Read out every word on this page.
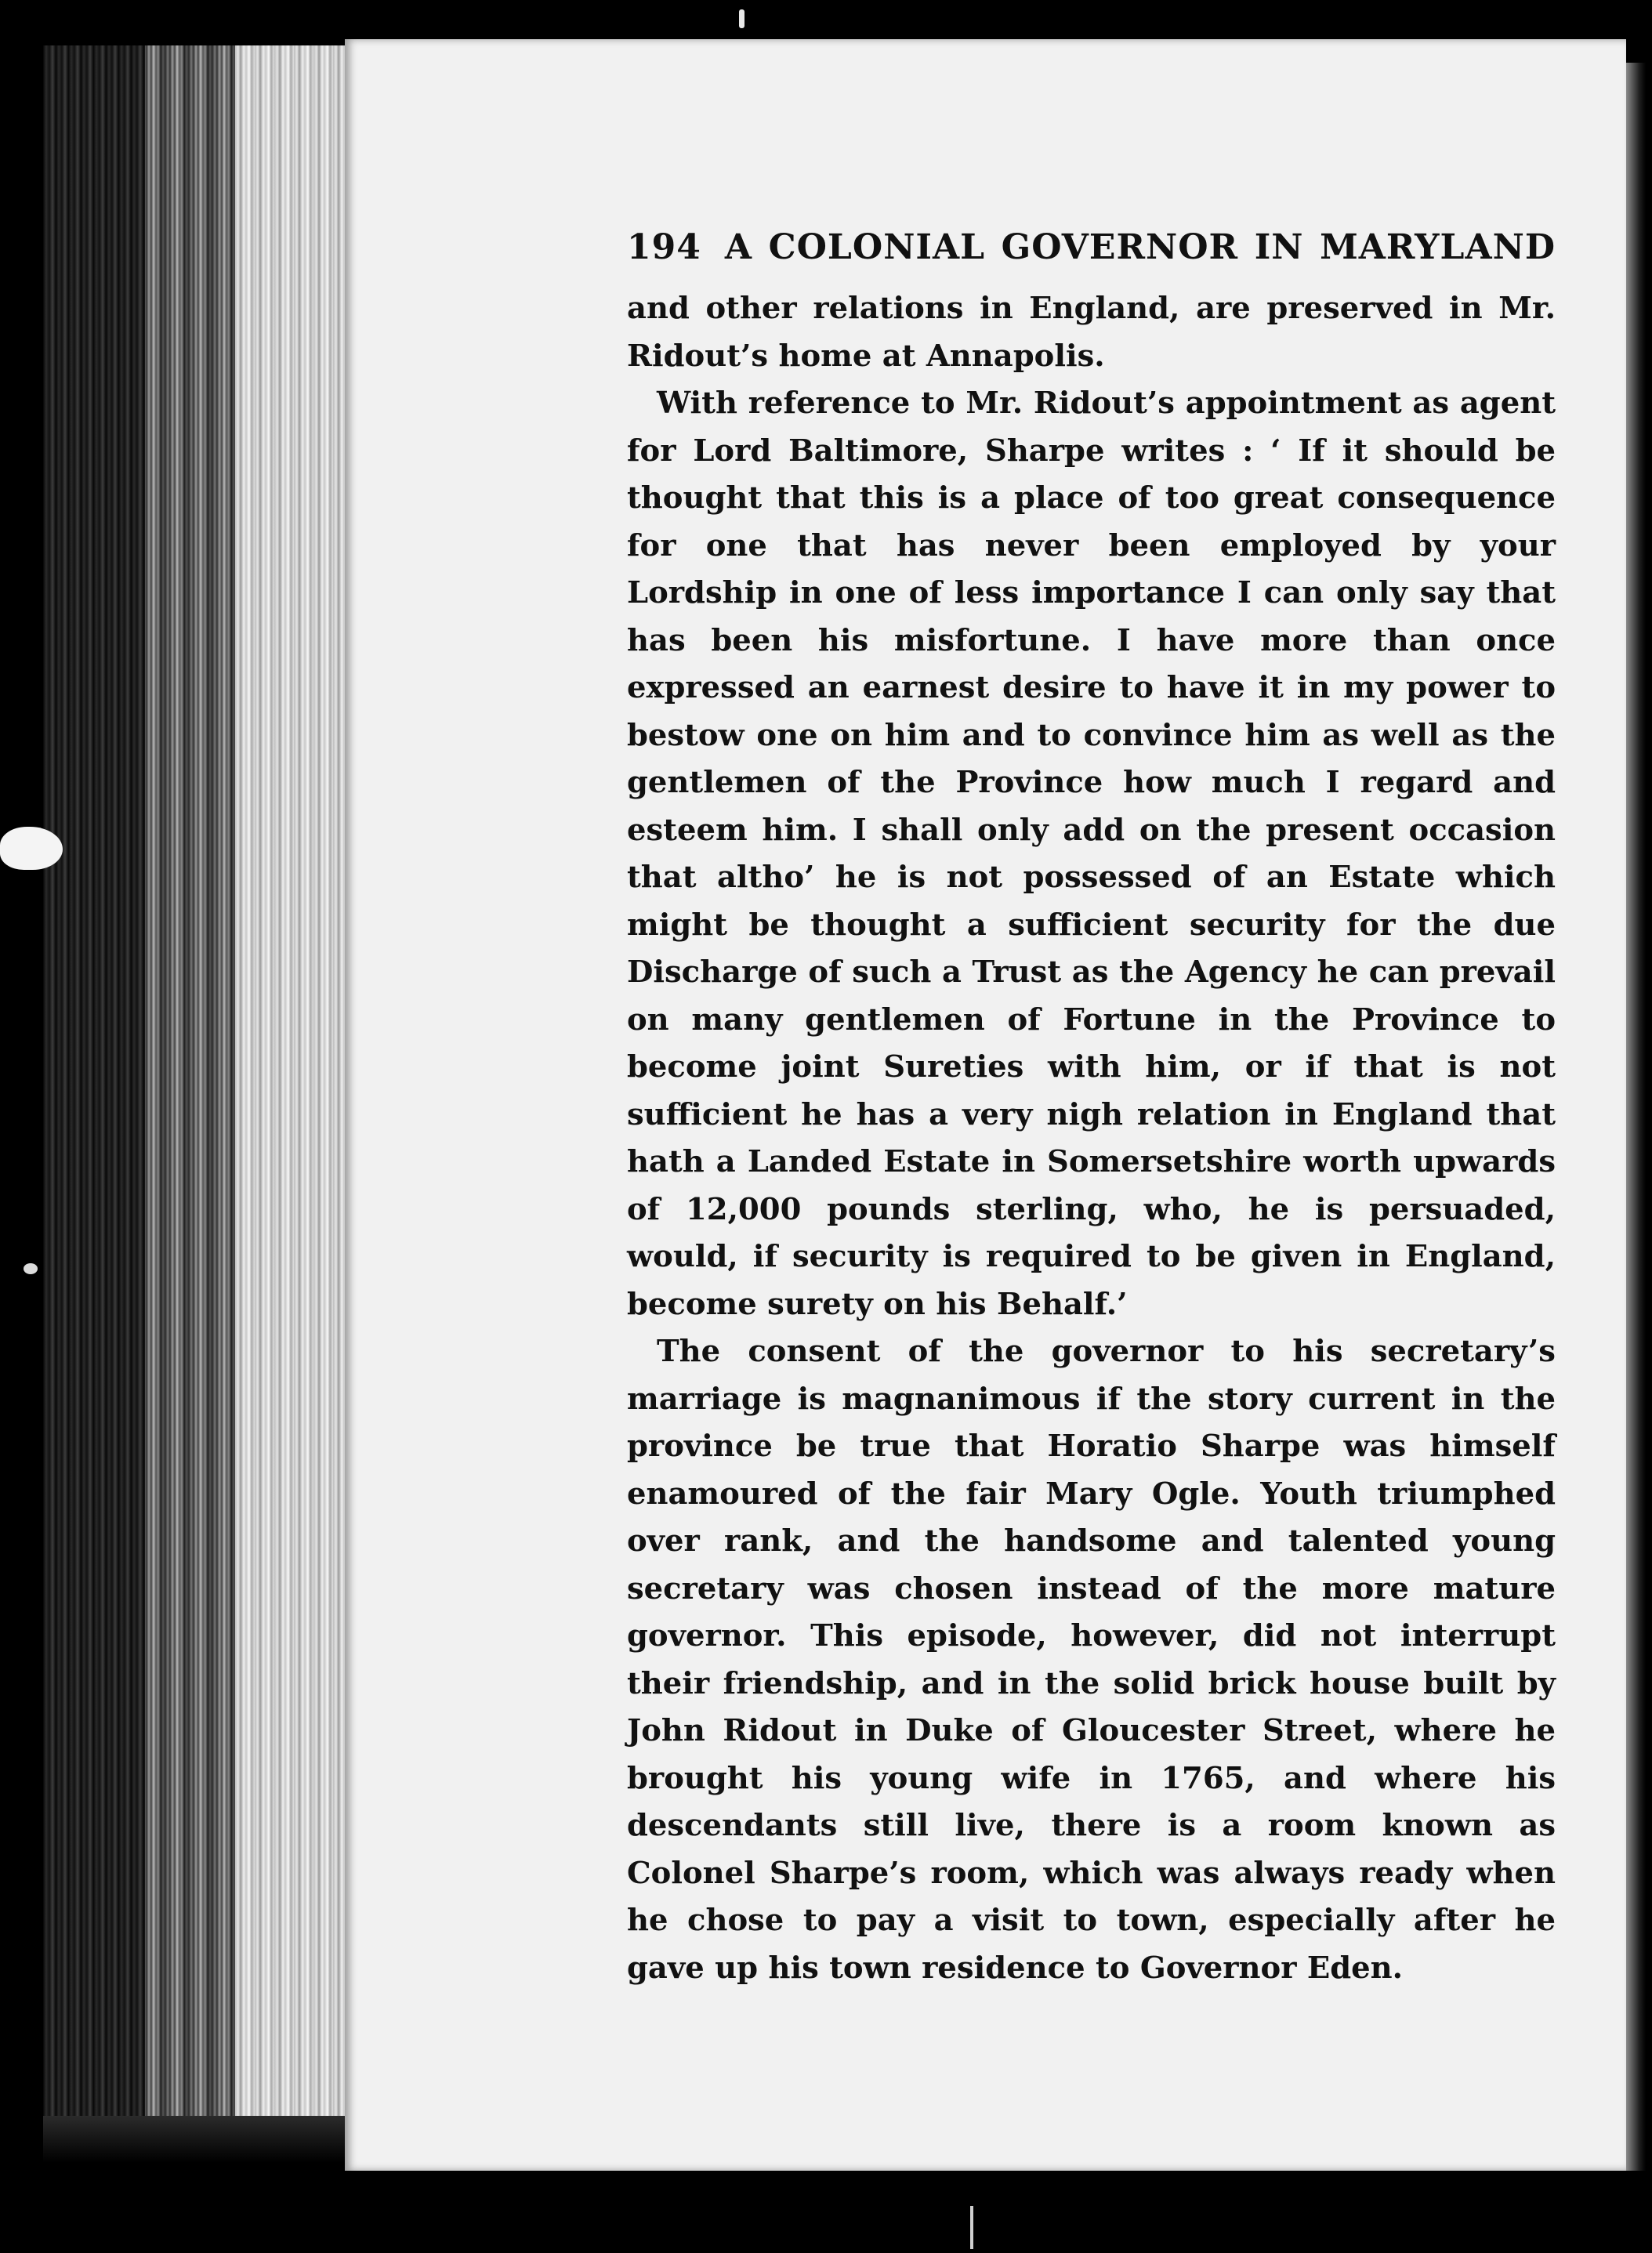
194 A COLONIAL GOVERNOR IN MARYLAND

and other relations in England, are preserved in Mr. Ridout’s home at Annapolis.

With reference to Mr. Ridout’s appointment as agent for Lord Baltimore, Sharpe writes : ‘ If it should be thought that this is a place of too great consequence for one that has never been employed by your Lordship in one of less importance I can only say that has been his misfortune. I have more than once expressed an earnest desire to have it in my power to bestow one on him and to convince him as well as the gentlemen of the Province how much I regard and esteem him. I shall only add on the present occasion that altho’ he is not possessed of an Estate which might be thought a sufficient security for the due Discharge of such a Trust as the Agency he can prevail on many gentlemen of Fortune in the Province to become joint Sureties with him, or if that is not sufficient he has a very nigh relation in England that hath a Landed Estate in Somersetshire worth upwards of 12,000 pounds sterling, who, he is persuaded, would, if security is required to be given in England, become surety on his Behalf.’

The consent of the governor to his secretary’s marriage is magnanimous if the story current in the province be true that Horatio Sharpe was himself enamoured of the fair Mary Ogle. Youth triumphed over rank, and the handsome and talented young secretary was chosen instead of the more mature governor. This episode, however, did not interrupt their friendship, and in the solid brick house built by John Ridout in Duke of Gloucester Street, where he brought his young wife in 1765, and where his descendants still live, there is a room known as Colonel Sharpe’s room, which was always ready when he chose to pay a visit to town, especially after he gave up his town residence to Governor Eden.
